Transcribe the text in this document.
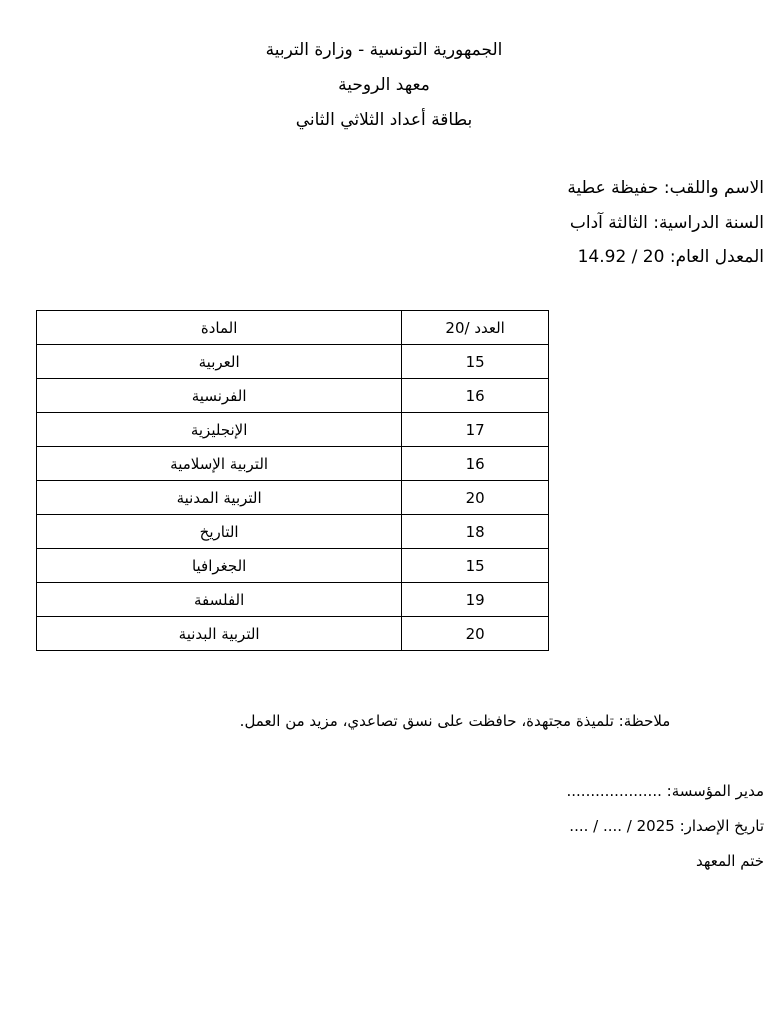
الجمهورية التونسية - وزارة التربية
معهد الروحية
بطاقة أعداد الثلاثي الثاني
الاسم واللقب: حفيظة عطية
السنة الدراسية: الثالثة آداب
المعدل العام: 14.92 / 20
المادة	العدد /20
العربية	15
الفرنسية	16
الإنجليزية	17
التربية الإسلامية	16
التربية المدنية	20
التاريخ	18
الجغرافيا	15
الفلسفة	19
التربية البدنية	20
ملاحظة: تلميذة مجتهدة، حافظت على نسق تصاعدي، مزيد من العمل.
مدير المؤسسة: ....................
تاريخ الإصدار: .... / .... / 2025
ختم المعهد
